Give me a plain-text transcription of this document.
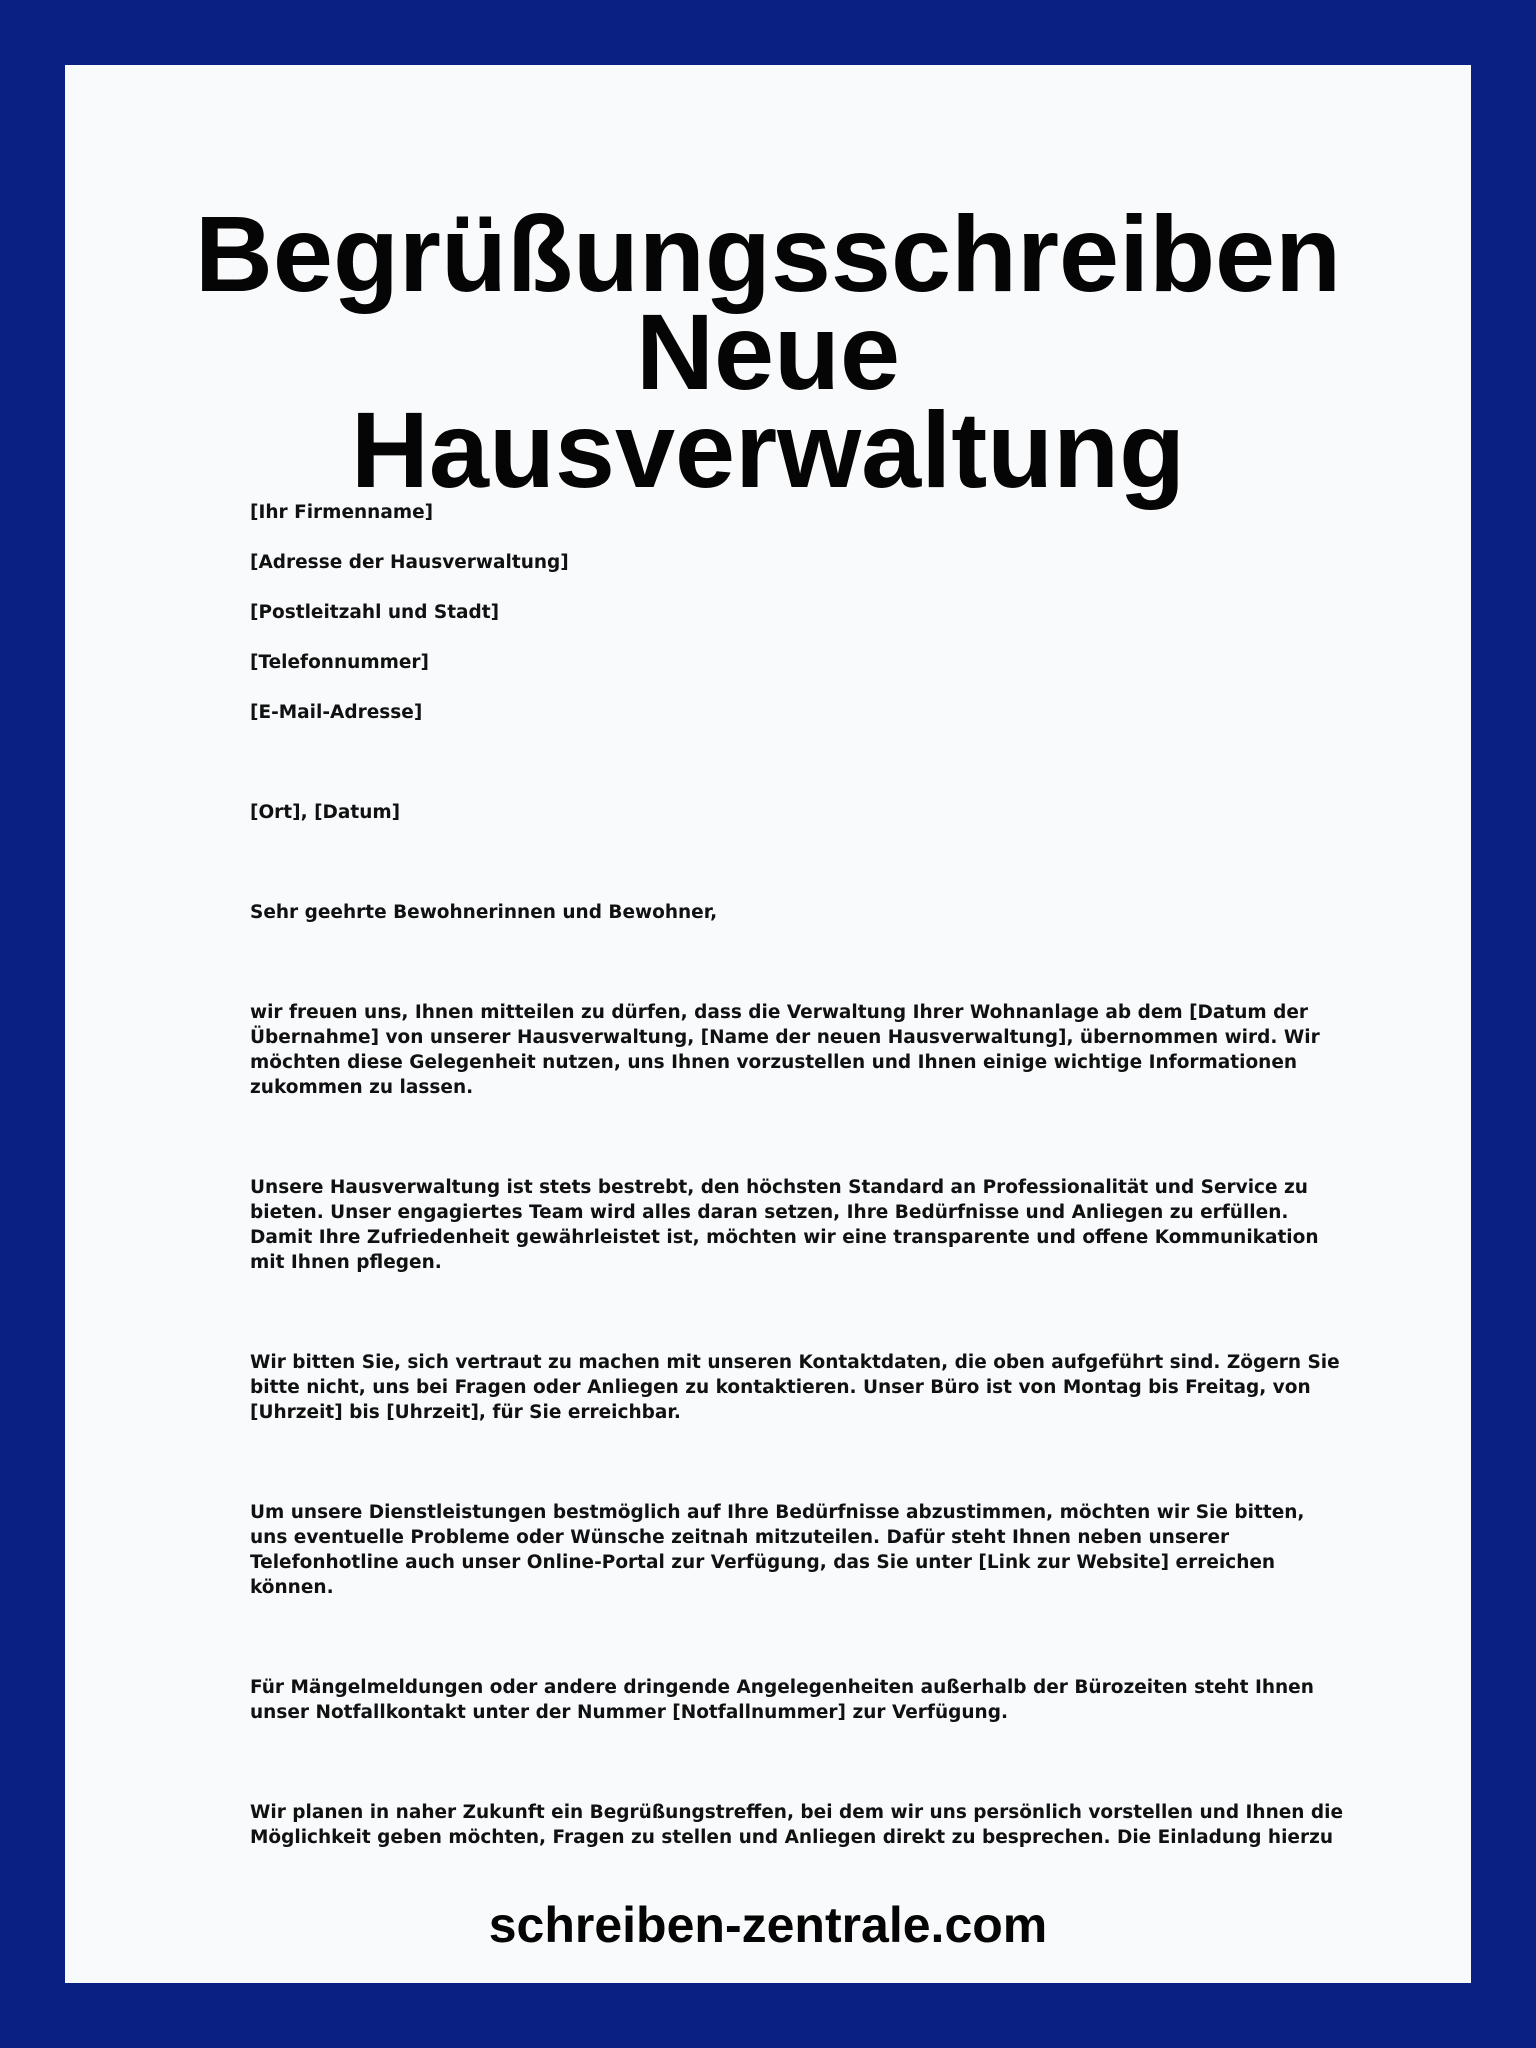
Begrüßungsschreiben Neue
Hausverwaltung

[Ihr Firmenname]

[Adresse der Hausverwaltung]

[Postleitzahl und Stadt]

[Telefonnummer]

[E-Mail-Adresse]

[Ort], [Datum]

Sehr geehrte Bewohnerinnen und Bewohner,

wir freuen uns, Ihnen mitteilen zu dürfen, dass die Verwaltung Ihrer Wohnanlage ab dem [Datum der Übernahme] von unserer Hausverwaltung, [Name der neuen Hausverwaltung], übernommen wird. Wir möchten diese Gelegenheit nutzen, uns Ihnen vorzustellen und Ihnen einige wichtige Informationen zukommen zu lassen.

Unsere Hausverwaltung ist stets bestrebt, den höchsten Standard an Professionalität und Service zu bieten. Unser engagiertes Team wird alles daran setzen, Ihre Bedürfnisse und Anliegen zu erfüllen. Damit Ihre Zufriedenheit gewährleistet ist, möchten wir eine transparente und offene Kommunikation mit Ihnen pflegen.

Wir bitten Sie, sich vertraut zu machen mit unseren Kontaktdaten, die oben aufgeführt sind. Zögern Sie bitte nicht, uns bei Fragen oder Anliegen zu kontaktieren. Unser Büro ist von Montag bis Freitag, von [Uhrzeit] bis [Uhrzeit], für Sie erreichbar.

Um unsere Dienstleistungen bestmöglich auf Ihre Bedürfnisse abzustimmen, möchten wir Sie bitten, uns eventuelle Probleme oder Wünsche zeitnah mitzuteilen. Dafür steht Ihnen neben unserer Telefonhotline auch unser Online-Portal zur Verfügung, das Sie unter [Link zur Website] erreichen können.

Für Mängelmeldungen oder andere dringende Angelegenheiten außerhalb der Bürozeiten steht Ihnen unser Notfallkontakt unter der Nummer [Notfallnummer] zur Verfügung.

Wir planen in naher Zukunft ein Begrüßungstreffen, bei dem wir uns persönlich vorstellen und Ihnen die Möglichkeit geben möchten, Fragen zu stellen und Anliegen direkt zu besprechen. Die Einladung hierzu

schreiben-zentrale.com
